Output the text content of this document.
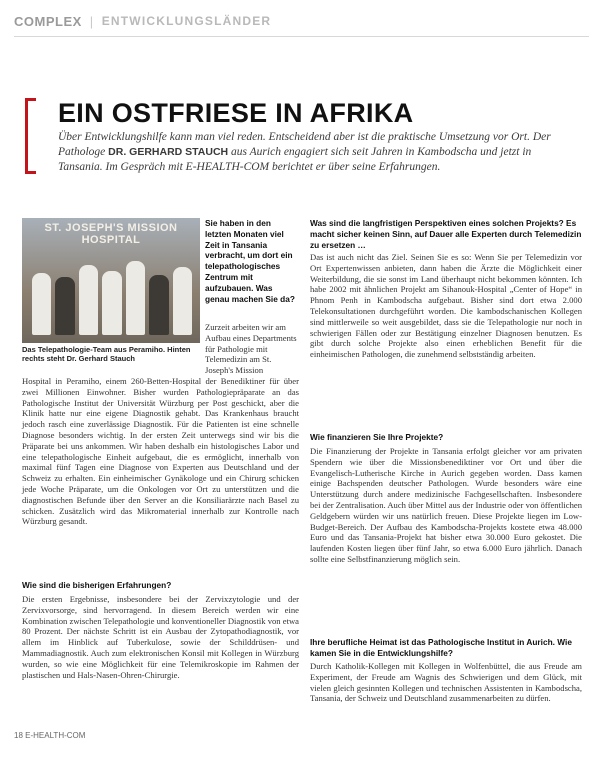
COMPLEX | ENTWICKLUNGSLÄNDER
EIN OSTFRIESE IN AFRIKA

Über Entwicklungshilfe kann man viel reden. Entscheidend aber ist die praktische Umsetzung vor Ort. Der Pathologe DR. GERHARD STAUCH aus Aurich engagiert sich seit Jahren in Kambodscha und jetzt in Tansania. Im Gespräch mit E-HEALTH-COM berichtet er über seine Erfahrungen.

ST. JOSEPH'S MISSION HOSPITAL

Das Telepathologie-Team aus Peramiho. Hinten rechts steht Dr. Gerhard Stauch

Sie haben in den letzten Monaten viel Zeit in Tansania verbracht, um dort ein telepathologisches Zentrum mit aufzubauen. Was genau machen Sie da?

Zurzeit arbeiten wir am Aufbau eines Departments für Pathologie mit Telemedizin am St. Joseph's Mission

Hospital in Peramiho, einem 260-Betten-Hospital der Benediktiner für über zwei Millionen Einwohner. Bisher wurden Pathologiepräparate an das Pathologische Institut der Universität Würzburg per Post geschickt, aber die Klinik hatte nur eine eigene Diagnostik gehabt. Das Krankenhaus braucht jedoch rasch eine zuverlässige Diagnostik. Für die Patienten ist eine schnelle Diagnose besonders wichtig. In der ersten Zeit unterwegs sind wir bis die Präparate bei uns ankommen. Wir haben deshalb ein histologisches Labor und eine telepathologische Einheit aufgebaut, die es ermöglicht, innerhalb von maximal fünf Tagen eine Diagnose von Experten aus Deutschland und der Schweiz zu erhalten. Ein einheimischer Gynäkologe und ein Chirurg schicken jede Woche Präparate, um die Onkologen vor Ort zu unterstützen und die diagnostischen Befunde über den Server an die Konsiliarärzte nach Basel zu schicken. Zusätzlich wird das Mikromaterial innerhalb zur Kontrolle nach Würzburg gesandt.

Wie sind die bisherigen Erfahrungen?

Die ersten Ergebnisse, insbesondere bei der Zervixzytologie und der Zervixvorsorge, sind hervorragend. In diesem Bereich werden wir eine Kombination zwischen Telepathologie und konventioneller Diagnostik von etwa 80 Prozent. Der nächste Schritt ist ein Ausbau der Zytopathodiagnostik, vor allem im Hinblick auf Tuberkulose, sowie der Schilddrüsen- und Mammadiagnostik. Auch zum elektronischen Konsil mit Kollegen in Würzburg wurden, so wie eine Möglichkeit für eine Telemikroskopie im Rahmen der plastischen und Hals-Nasen-Ohren-Chirurgie.

Was sind die langfristigen Perspektiven eines solchen Projekts? Es macht sicher keinen Sinn, auf Dauer alle Experten durch Telemedizin zu ersetzen …

Das ist auch nicht das Ziel. Seinen Sie es so: Wenn Sie per Telemedizin vor Ort Expertenwissen anbieten, dann haben die Ärzte die Möglichkeit einer Weiterbildung, die sie sonst im Land überhaupt nicht bekommen könnten. Ich habe 2002 mit ähnlichen Projekt am Sihanouk-Hospital „Center of Hope“ in Phnom Penh in Kambodscha aufgebaut. Bisher sind dort etwa 2.000 Telekonsultationen durchgeführt worden. Die kambodschanischen Kollegen sind mittlerweile so weit ausgebildet, dass sie die Telepathologie nur noch in schwierigen Fällen oder zur Bestätigung einzelner Diagnosen benutzen. Es gibt durch solche Projekte also einen erheblichen Benefit für die einheimischen Pathologen, die zunehmend selbstständig arbeiten.

Wie finanzieren Sie Ihre Projekte?

Die Finanzierung der Projekte in Tansania erfolgt gleicher vor am privaten Spendern wie über die Missionsbenediktiner vor Ort und über die Evangelisch-Lutherische Kirche in Aurich gegeben worden. Dass kamen einige Bachspenden deutscher Pathologen. Wurde besonders wäre eine Unterstützung durch andere medizinische Fachgesellschaften. Insbesondere bei der Zentralisation. Auch über Mittel aus der Industrie oder von öffentlichen Geldgebern würden wir uns natürlich freuen. Diese Projekte liegen im Low-Budget-Bereich. Der Aufbau des Kambodscha-Projekts kostete etwa 48.000 Euro und das Tansania-Projekt hat bisher etwa 30.000 Euro gekostet. Die laufenden Kosten liegen über fünf Jahr, so etwa 6.000 Euro jährlich. Danach sollte eine Selbstfinanzierung möglich sein.

Ihre berufliche Heimat ist das Pathologische Institut in Aurich. Wie kamen Sie in die Entwicklungshilfe?

Durch Katholik-Kollegen mit Kollegen in Wolfenbüttel, die aus Freude am Experiment, der Freude am Wagnis des Schwierigen und dem Glück, mit vielen gleich gesinnten Kollegen und technischen Assistenten in Kambodscha, Tansania, der Schweiz und Deutschland zusammenarbeiten zu dürfen.

18 E-HEALTH-COM
